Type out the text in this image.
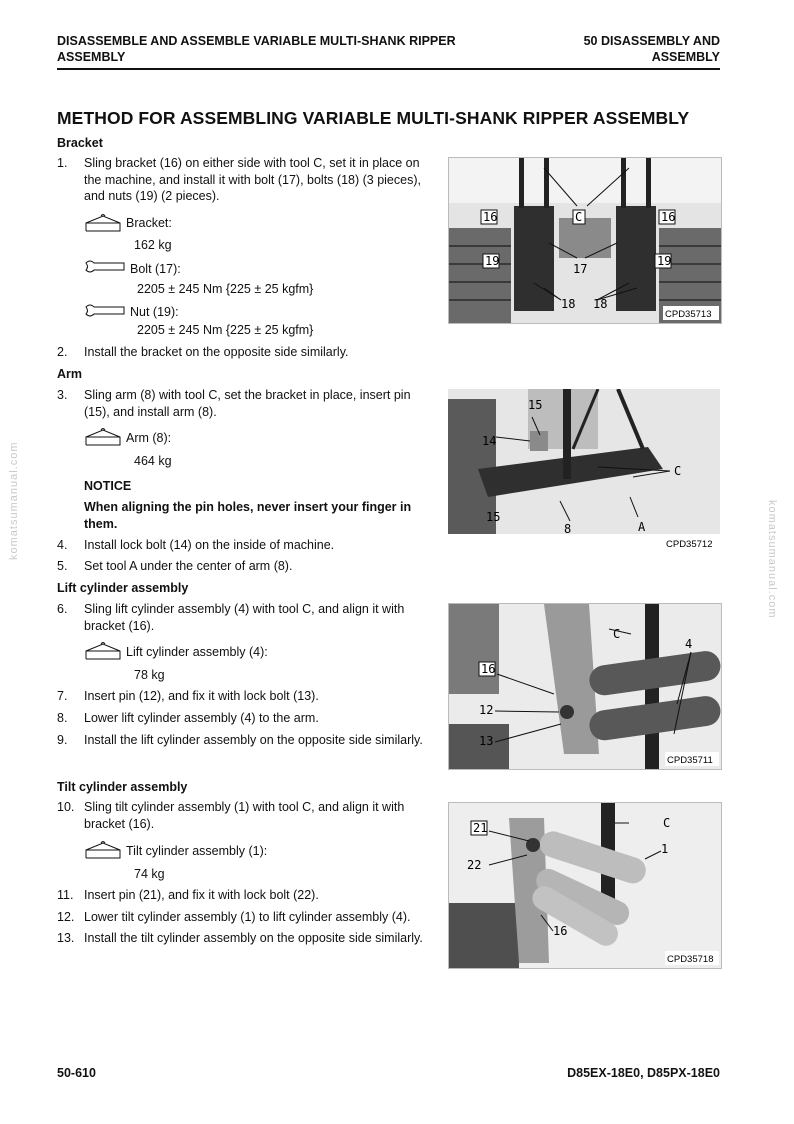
DISASSEMBLE AND ASSEMBLE VARIABLE MULTI-SHANK RIPPER ASSEMBLY
50 DISASSEMBLY AND ASSEMBLY
komatsumanual.com	komatsumanual.com
METHOD FOR ASSEMBLING VARIABLE MULTI-SHANK RIPPER ASSEMBLY
Bracket
1. Sling bracket (16) on either side with tool C, set it in place on the machine, and install it with bolt (17), bolts (18) (3 pieces), and nuts (19) (2 pieces).
Bracket:
162 kg
Bolt (17):
2205 ± 245 Nm {225 ± 25 kgfm}
Nut (19):
2205 ± 245 Nm {225 ± 25 kgfm}
2. Install the bracket on the opposite side similarly.
Arm
3. Sling arm (8) with tool C, set the bracket in place, insert pin (15), and install arm (8).
Arm (8):
464 kg
NOTICE
When aligning the pin holes, never insert your finger in them.
4. Install lock bolt (14) on the inside of machine.
5. Set tool A under the center of arm (8).
Lift cylinder assembly
6. Sling lift cylinder assembly (4) with tool C, and align it with bracket (16).
Lift cylinder assembly (4):
78 kg
7. Insert pin (12), and fix it with lock bolt (13).
8. Lower lift cylinder assembly (4) to the arm.
9. Install the lift cylinder assembly on the opposite side similarly.
Tilt cylinder assembly
10. Sling tilt cylinder assembly (1) with tool C, and align it with bracket (16).
Tilt cylinder assembly (1):
74 kg
11. Insert pin (21), and fix it with lock bolt (22).
12. Lower tilt cylinder assembly (1) to lift cylinder assembly (4).
13. Install the tilt cylinder assembly on the opposite side similarly.
16	C	16
19
17
19
18 18
CPD35713
15
14
C
15
8	A
CPD35712
C
4
16
12
13
CPD35711
21	C
22
1
16
CPD35718
50-610	D85EX-18E0, D85PX-18E0
